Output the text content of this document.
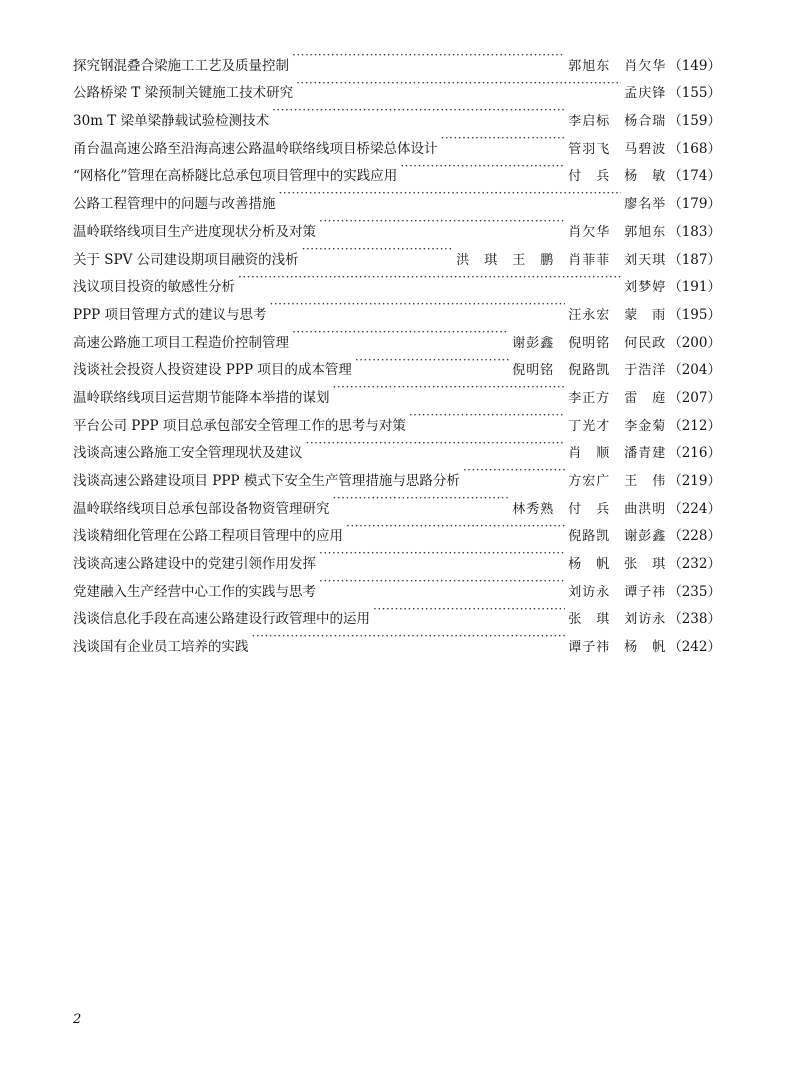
探究钢混叠合梁施工工艺及质量控制 ·····	郭旭东　肖欠华 （149）
公路桥梁 T 梁预制关键施工技术研究 ·····	孟庆锋 （155）
30m T 梁单梁静载试验检测技术 ·····	李启标　杨合瑞 （159）
甬台温高速公路至沿海高速公路温岭联络线项目桥梁总体设计 ·····	管羽飞　马碧波 （168）
“网格化”管理在高桥隧比总承包项目管理中的实践应用 ·····	付　兵　杨　敏 （174）
公路工程管理中的问题与改善措施 ·····	廖名举 （179）
温岭联络线项目生产进度现状分析及对策 ·····	肖欠华　郭旭东 （183）
关于 SPV 公司建设期项目融资的浅析 ·····	洪　琪　王　鹏　肖菲菲　刘天琪 （187）
浅议项目投资的敏感性分析 ·····	刘梦婷 （191）
PPP 项目管理方式的建议与思考 ·····	汪永宏　蒙　雨 （195）
高速公路施工项目工程造价控制管理 ·····	谢彭鑫　倪明铭　何民政 （200）
浅谈社会投资人投资建设 PPP 项目的成本管理 ·····	倪明铭　倪路凯　于浩洋 （204）
温岭联络线项目运营期节能降本举措的谋划 ·····	李正方　雷　庭 （207）
平台公司 PPP 项目总承包部安全管理工作的思考与对策 ·····	丁光才　李金菊 （212）
浅谈高速公路施工安全管理现状及建议 ·····	肖　顺　潘青建 （216）
浅谈高速公路建设项目 PPP 模式下安全生产管理措施与思路分析 ·····	方宏广　王　伟 （219）
温岭联络线项目总承包部设备物资管理研究 ·····	林秀熟　付　兵　曲洪明 （224）
浅谈精细化管理在公路工程项目管理中的应用 ·····	倪路凯　谢彭鑫 （228）
浅谈高速公路建设中的党建引领作用发挥 ·····	杨　帆　张　琪 （232）
党建融入生产经营中心工作的实践与思考 ·····	刘访永　谭子祎 （235）
浅谈信息化手段在高速公路建设行政管理中的运用 ·····	张　琪　刘访永 （238）
浅谈国有企业员工培养的实践 ·····	谭子祎　杨　帆 （242）
2
